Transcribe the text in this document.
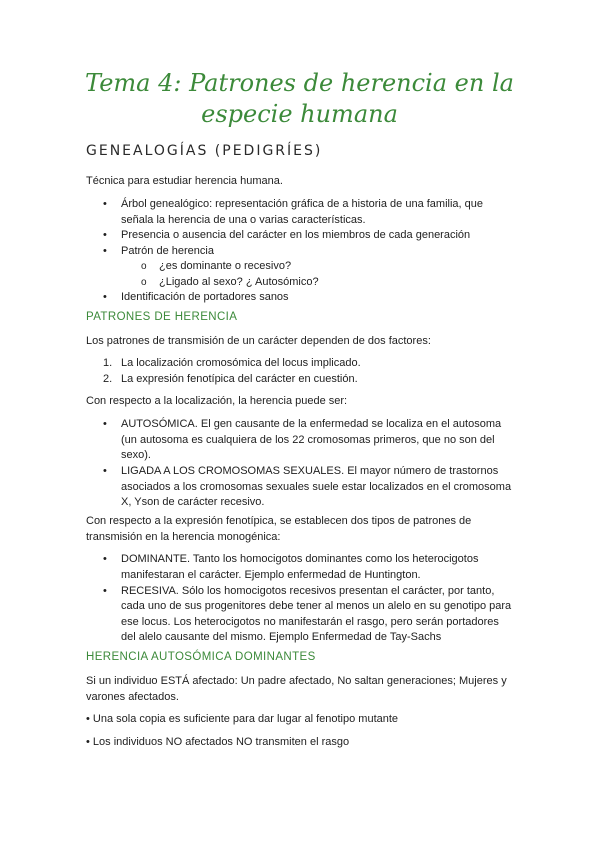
Tema 4: Patrones de herencia en la
especie humana
GENEALOGÍAS (PEDIGRÍES)
Técnica para estudiar herencia humana.
• Árbol genealógico: representación gráfica de a historia de una familia, que señala la herencia de una o varias características.
• Presencia o ausencia del carácter en los miembros de cada generación
• Patrón de herencia
o ¿es dominante o recesivo?
o ¿Ligado al sexo? ¿ Autosómico?
• Identificación de portadores sanos
PATRONES DE HERENCIA
Los patrones de transmisión de un carácter dependen de dos factores:
1. La localización cromosómica del locus implicado.
2. La expresión fenotípica del carácter en cuestión.
Con respecto a la localización, la herencia puede ser:
• AUTOSÓMICA. El gen causante de la enfermedad se localiza en el autosoma (un autosoma es cualquiera de los 22 cromosomas primeros, que no son del sexo).
• LIGADA A LOS CROMOSOMAS SEXUALES. El mayor número de trastornos asociados a los cromosomas sexuales suele estar localizados en el cromosoma X, Yson de carácter recesivo.
Con respecto a la expresión fenotípica, se establecen dos tipos de patrones de transmisión en la herencia monogénica:
• DOMINANTE. Tanto los homocigotos dominantes como los heterocigotos manifestaran el carácter. Ejemplo enfermedad de Huntington.
• RECESIVA. Sólo los homocigotos recesivos presentan el carácter, por tanto, cada uno de sus progenitores debe tener al menos un alelo en su genotipo para ese locus. Los heterocigotos no manifestarán el rasgo, pero serán portadores del alelo causante del mismo. Ejemplo Enfermedad de Tay-Sachs
HERENCIA AUTOSÓMICA DOMINANTES
Si un individuo ESTÁ afectado: Un padre afectado, No saltan generaciones; Mujeres y varones afectados.
• Una sola copia es suficiente para dar lugar al fenotipo mutante
• Los individuos NO afectados NO transmiten el rasgo
